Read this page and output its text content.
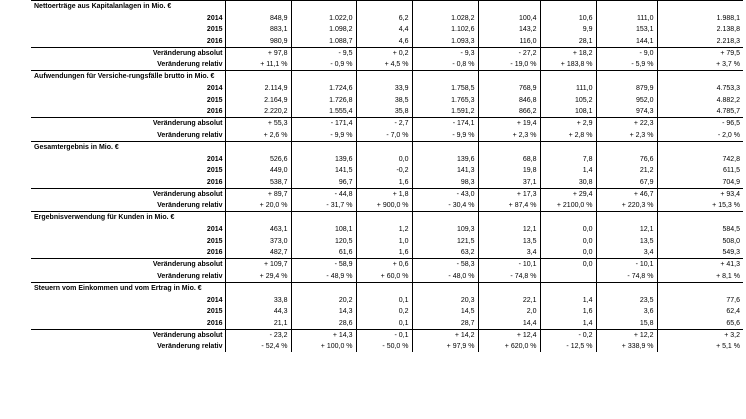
Nettoerträge aus Kapitalanlagen in Mio. €								
2014	848,9	1.022,0	6,2	1.028,2	100,4	10,6	111,0	1.988,1
2015	883,1	1.098,2	4,4	1.102,6	143,2	9,9	153,1	2.138,8
2016	980,9	1.088,7	4,6	1.093,3	116,0	28,1	144,1	2.218,3
Veränderung absolut	+ 97,8	- 9,5	+ 0,2	- 9,3	- 27,2	+ 18,2	- 9,0	+ 79,5
Veränderung relativ	+ 11,1 %	- 0,9 %	+ 4,5 %	- 0,8 %	- 19,0 %	+ 183,8 %	- 5,9 %	+ 3,7 %
Aufwendungen für Versiche-rungsfälle brutto in Mio. €								
2014	2.114,9	1.724,6	33,9	1.758,5	768,9	111,0	879,9	4.753,3
2015	2.164,9	1.726,8	38,5	1.765,3	846,8	105,2	952,0	4.882,2
2016	2.220,2	1.555,4	35,8	1.591,2	866,2	108,1	974,3	4.785,7
Veränderung absolut	+ 55,3	- 171,4	- 2,7	- 174,1	+ 19,4	+ 2,9	+ 22,3	- 96,5
Veränderung relativ	+ 2,6 %	- 9,9 %	- 7,0 %	- 9,9 %	+ 2,3 %	+ 2,8 %	+ 2,3 %	- 2,0 %
Gesamtergebnis in Mio. €								
2014	526,6	139,6	0,0	139,6	68,8	7,8	76,6	742,8
2015	449,0	141,5	-0,2	141,3	19,8	1,4	21,2	611,5
2016	538,7	96,7	1,6	98,3	37,1	30,8	67,9	704,9
Veränderung absolut	+ 89,7	- 44,8	+ 1,8	- 43,0	+ 17,3	+ 29,4	+ 46,7	+ 93,4
Veränderung relativ	+ 20,0 %	- 31,7 %	+ 900,0 %	- 30,4 %	+ 87,4 %	+ 2100,0 %	+ 220,3 %	+ 15,3 %
Ergebnisverwendung für Kunden in Mio. €								
2014	463,1	108,1	1,2	109,3	12,1	0,0	12,1	584,5
2015	373,0	120,5	1,0	121,5	13,5	0,0	13,5	508,0
2016	482,7	61,6	1,6	63,2	3,4	0,0	3,4	549,3
Veränderung absolut	+ 109,7	- 58,9	+ 0,6	- 58,3	- 10,1	0,0	- 10,1	+ 41,3
Veränderung relativ	+ 29,4 %	- 48,9 %	+ 60,0 %	- 48,0 %	- 74,8 %		- 74,8 %	+ 8,1 %
Steuern vom Einkommen und vom Ertrag in Mio. €								
2014	33,8	20,2	0,1	20,3	22,1	1,4	23,5	77,6
2015	44,3	14,3	0,2	14,5	2,0	1,6	3,6	62,4
2016	21,1	28,6	0,1	28,7	14,4	1,4	15,8	65,6
Veränderung absolut	- 23,2	+ 14,3	- 0,1	+ 14,2	+ 12,4	- 0,2	+ 12,2	+ 3,2
Veränderung relativ	- 52,4 %	+ 100,0 %	- 50,0 %	+ 97,9 %	+ 620,0 %	- 12,5 %	+ 338,9 %	+ 5,1 %
